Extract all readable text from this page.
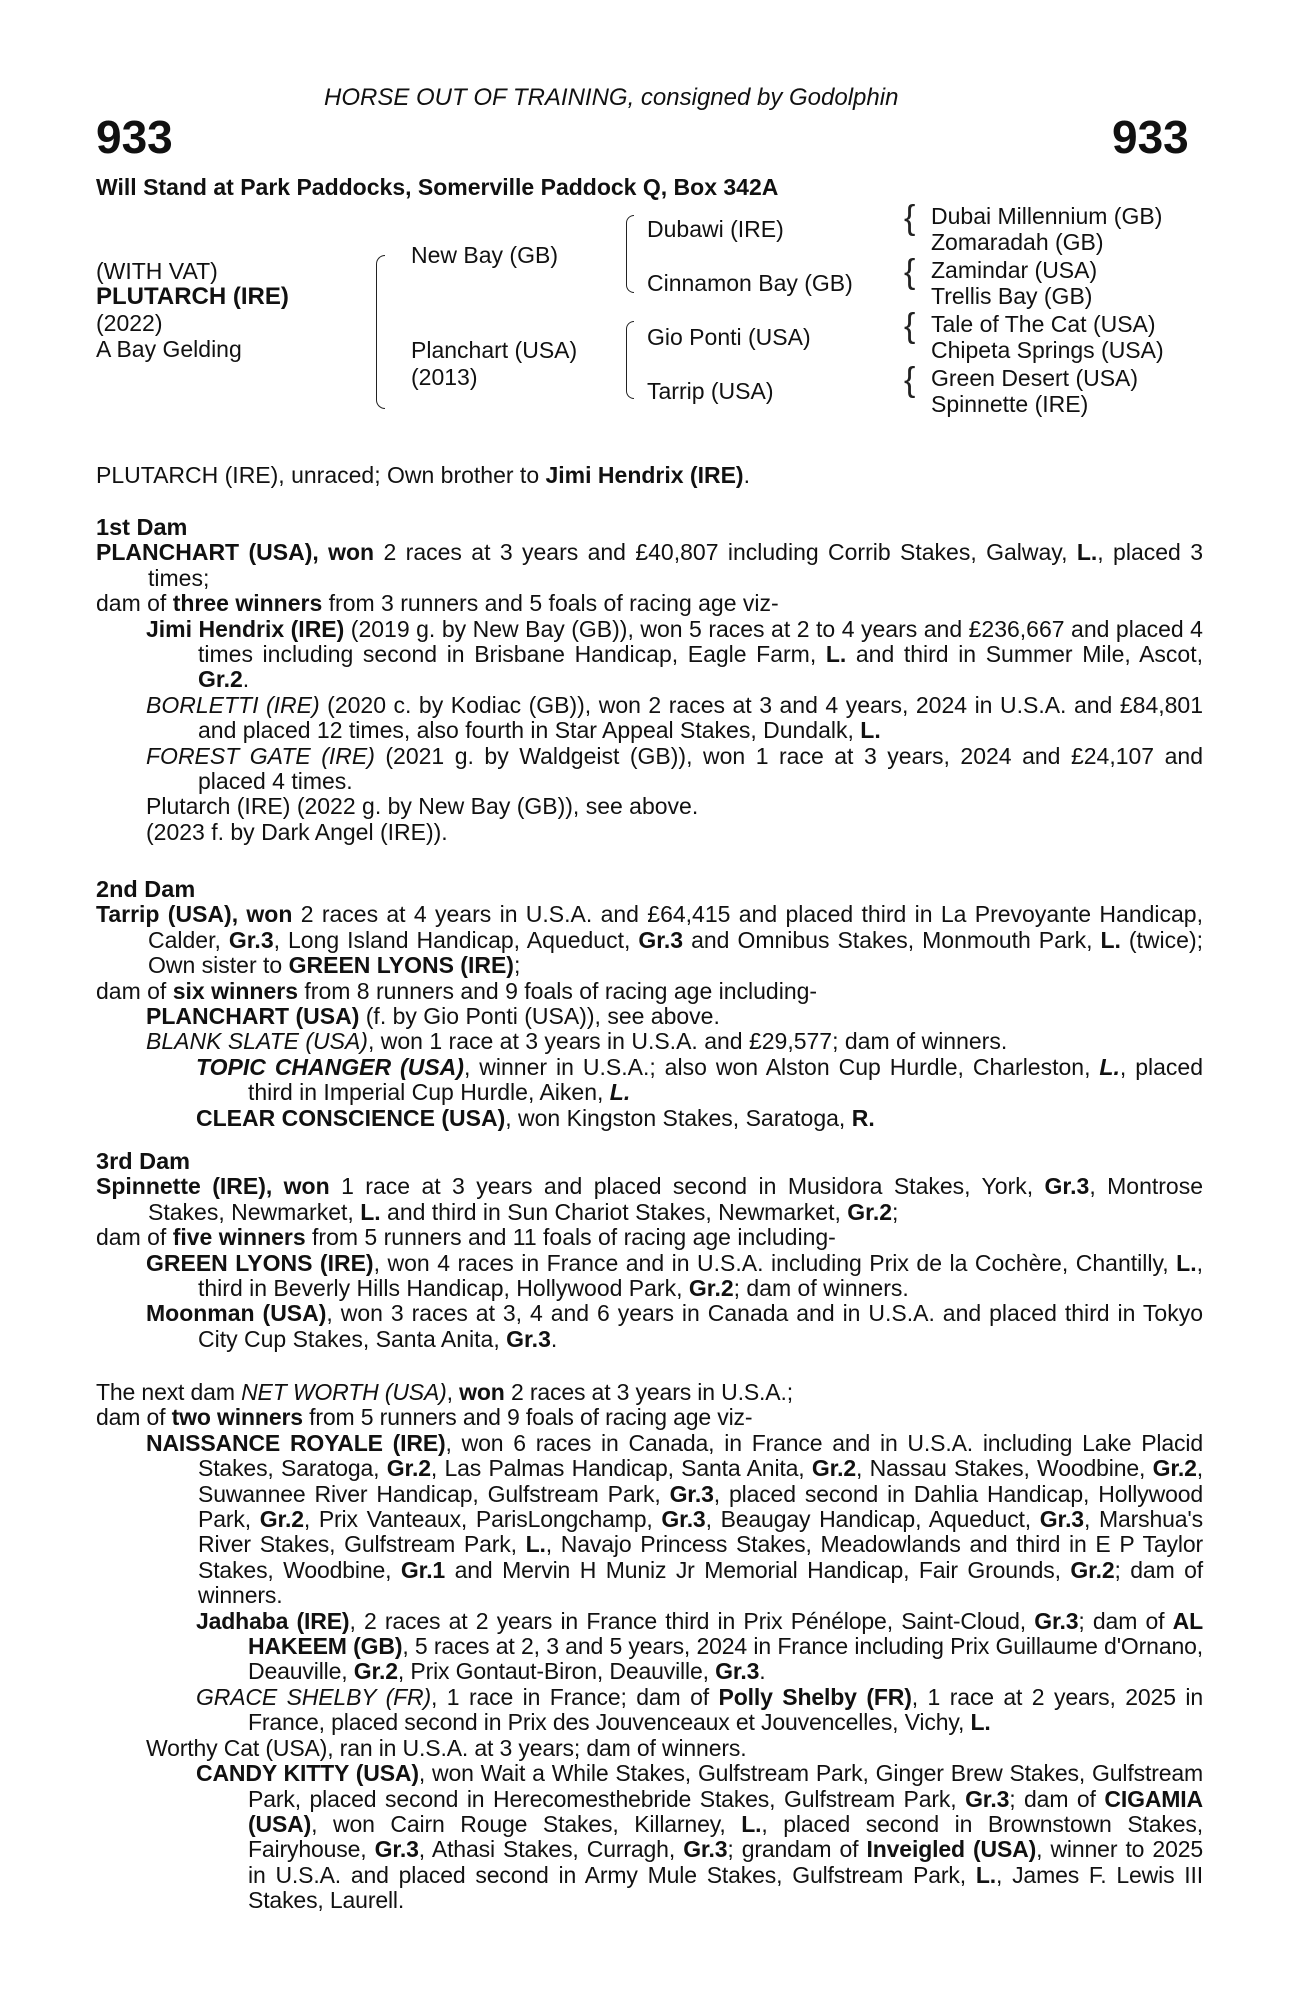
HORSE OUT OF TRAINING, consigned by Godolphin
933	933
Will Stand at Park Paddocks, Somerville Paddock Q, Box 342A
(WITH VAT)
PLUTARCH (IRE)
(2022)
A Bay Gelding
{
{
{
{
New Bay (GB)
Planchart (USA)
(2013)
Dubawi (IRE)
Cinnamon Bay (GB)
Gio Ponti (USA)
Tarrip (USA)
Dubai Millennium (GB)
Zomaradah (GB)
Zamindar (USA)
Trellis Bay (GB)
Tale of The Cat (USA)
Chipeta Springs (USA)
Green Desert (USA)
Spinnette (IRE)
PLUTARCH (IRE), unraced; Own brother to Jimi Hendrix (IRE).

1st Dam

PLANCHART (USA), won 2 races at 3 years and £40,807 including Corrib Stakes, Galway, L., placed 3 times;

dam of three winners from 3 runners and 5 foals of racing age viz-

Jimi Hendrix (IRE) (2019 g. by New Bay (GB)), won 5 races at 2 to 4 years and £236,667 and placed 4 times including second in Brisbane Handicap, Eagle Farm, L. and third in Summer Mile, Ascot, Gr.2.

BORLETTI (IRE) (2020 c. by Kodiac (GB)), won 2 races at 3 and 4 years, 2024 in U.S.A. and £84,801 and placed 12 times, also fourth in Star Appeal Stakes, Dundalk, L.

FOREST GATE (IRE) (2021 g. by Waldgeist (GB)), won 1 race at 3 years, 2024 and £24,107 and placed 4 times.

Plutarch (IRE) (2022 g. by New Bay (GB)), see above.

(2023 f. by Dark Angel (IRE)).

2nd Dam

Tarrip (USA), won 2 races at 4 years in U.S.A. and £64,415 and placed third in La Prevoyante Handicap, Calder, Gr.3, Long Island Handicap, Aqueduct, Gr.3 and Omnibus Stakes, Monmouth Park, L. (twice); Own sister to GREEN LYONS (IRE);

dam of six winners from 8 runners and 9 foals of racing age including-

PLANCHART (USA) (f. by Gio Ponti (USA)), see above.

BLANK SLATE (USA), won 1 race at 3 years in U.S.A. and £29,577; dam of winners.

TOPIC CHANGER (USA), winner in U.S.A.; also won Alston Cup Hurdle, Charleston, L., placed third in Imperial Cup Hurdle, Aiken, L.

CLEAR CONSCIENCE (USA), won Kingston Stakes, Saratoga, R.

3rd Dam

Spinnette (IRE), won 1 race at 3 years and placed second in Musidora Stakes, York, Gr.3, Montrose Stakes, Newmarket, L. and third in Sun Chariot Stakes, Newmarket, Gr.2;

dam of five winners from 5 runners and 11 foals of racing age including-

GREEN LYONS (IRE), won 4 races in France and in U.S.A. including Prix de la Cochère, Chantilly, L., third in Beverly Hills Handicap, Hollywood Park, Gr.2; dam of winners.

Moonman (USA), won 3 races at 3, 4 and 6 years in Canada and in U.S.A. and placed third in Tokyo City Cup Stakes, Santa Anita, Gr.3.

The next dam NET WORTH (USA), won 2 races at 3 years in U.S.A.;

dam of two winners from 5 runners and 9 foals of racing age viz-

NAISSANCE ROYALE (IRE), won 6 races in Canada, in France and in U.S.A. including Lake Placid Stakes, Saratoga, Gr.2, Las Palmas Handicap, Santa Anita, Gr.2, Nassau Stakes, Woodbine, Gr.2, Suwannee River Handicap, Gulfstream Park, Gr.3, placed second in Dahlia Handicap, Hollywood Park, Gr.2, Prix Vanteaux, ParisLongchamp, Gr.3, Beaugay Handicap, Aqueduct, Gr.3, Marshua's River Stakes, Gulfstream Park, L., Navajo Princess Stakes, Meadowlands and third in E P Taylor Stakes, Woodbine, Gr.1 and Mervin H Muniz Jr Memorial Handicap, Fair Grounds, Gr.2; dam of winners.

Jadhaba (IRE), 2 races at 2 years in France third in Prix Pénélope, Saint-Cloud, Gr.3; dam of AL HAKEEM (GB), 5 races at 2, 3 and 5 years, 2024 in France including Prix Guillaume d'Ornano, Deauville, Gr.2, Prix Gontaut-Biron, Deauville, Gr.3.

GRACE SHELBY (FR), 1 race in France; dam of Polly Shelby (FR), 1 race at 2 years, 2025 in France, placed second in Prix des Jouvenceaux et Jouvencelles, Vichy, L.

Worthy Cat (USA), ran in U.S.A. at 3 years; dam of winners.

CANDY KITTY (USA), won Wait a While Stakes, Gulfstream Park, Ginger Brew Stakes, Gulfstream Park, placed second in Herecomesthebride Stakes, Gulfstream Park, Gr.3; dam of CIGAMIA (USA), won Cairn Rouge Stakes, Killarney, L., placed second in Brownstown Stakes, Fairyhouse, Gr.3, Athasi Stakes, Curragh, Gr.3; grandam of Inveigled (USA), winner to 2025 in U.S.A. and placed second in Army Mule Stakes, Gulfstream Park, L., James F. Lewis III Stakes, Laurell.
